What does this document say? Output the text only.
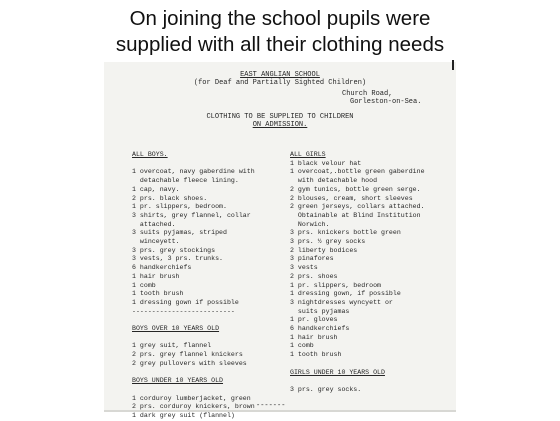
On joining the school pupils were
supplied with all their clothing needs
EAST ANGLIAN SCHOOL
(for Deaf and Partially Sighted Children)
Church Road,
Gorleston-on-Sea.
CLOTHING TO BE SUPPLIED TO CHILDREN
ON ADMISSION.
ALL BOYS.
1 overcoat, navy gaberdine with
detachable fleece lining.
1 cap, navy.
2 prs. black shoes.
1 pr. slippers, bedroom.
3 shirts, grey flannel, collar
attached.
3 suits pyjamas, striped
winceyett.
3 prs. grey stockings
3 vests, 3 prs. trunks.
6 handkerchiefs
1 hair brush
1 comb
1 tooth brush
1 dressing gown if possible
--------------------------
BOYS OVER 10 YEARS OLD
1 grey suit, flannel
2 prs. grey flannel knickers
2 grey pullovers with sleeves
BOYS UNDER 10 YEARS OLD
1 corduroy lumberjacket, green
2 prs. corduroy knickers, brown
1 dark grey suit (flannel)
ALL GIRLS
1 black velour hat
1 overcoat,.bottle green gaberdine
with detachable hood
2 gym tunics, bottle green serge.
2 blouses, cream, short sleeves
2 green jerseys, collars attached.
Obtainable at Blind Institution
Norwich.
3 prs. knickers bottle green
3 prs. ½ grey socks
2 liberty bodices
3 pinafores
3 vests
2 prs. shoes
1 pr. slippers, bedroom
1 dressing gown, if possible
3 nightdresses wyncyett or
suits pyjamas
1 pr. gloves
6 handkerchiefs
1 hair brush
1 comb
1 tooth brush
GIRLS UNDER 10 YEARS OLD
3 prs. grey socks.
-------
